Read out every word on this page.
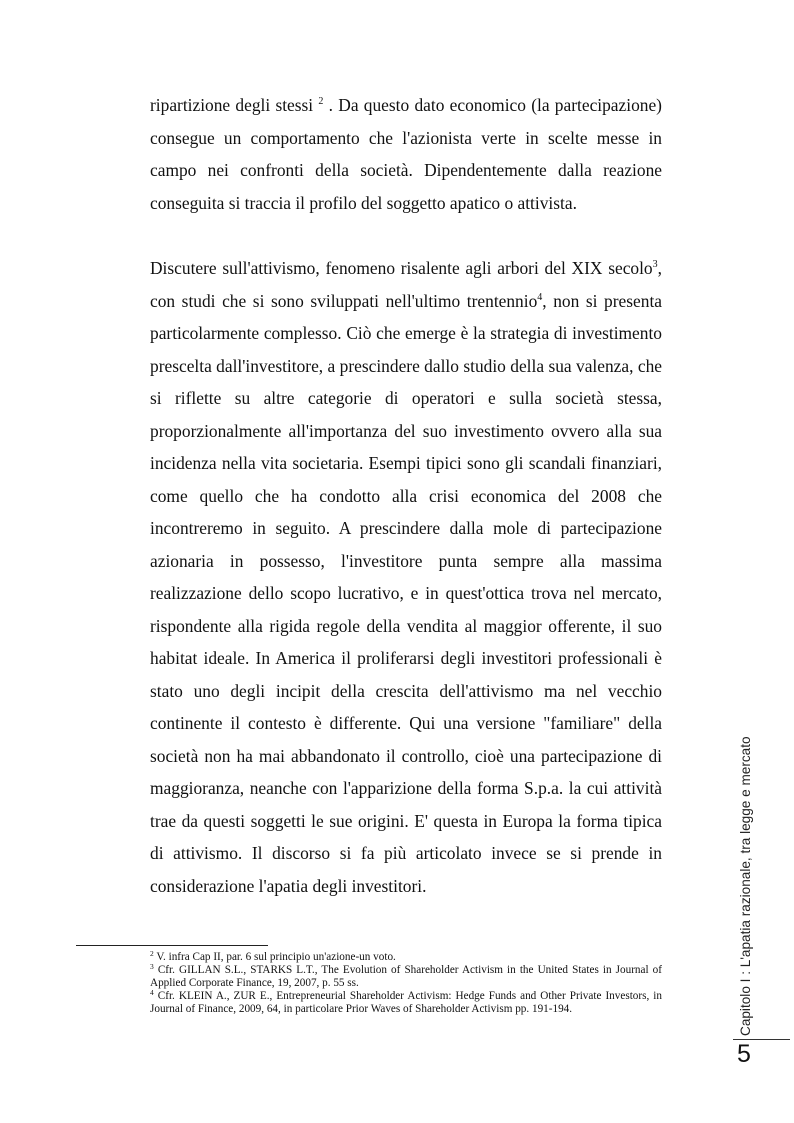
ripartizione degli stessi $^2$ . Da questo dato economico (la partecipazione) consegue un comportamento che l'azionista verte in scelte messe in campo nei confronti della società. Dipendentemente dalla reazione conseguita si traccia il profilo del soggetto apatico o attivista.

Discutere sull'attivismo, fenomeno risalente agli arbori del XIX secolo$^3$, con studi che si sono sviluppati nell'ultimo trentennio$^4$, non si presenta particolarmente complesso. Ciò che emerge è la strategia di investimento prescelta dall'investitore, a prescindere dallo studio della sua valenza, che si riflette su altre categorie di operatori e sulla società stessa, proporzionalmente all'importanza del suo investimento ovvero alla sua incidenza nella vita societaria. Esempi tipici sono gli scandali finanziari, come quello che ha condotto alla crisi economica del 2008 che incontreremo in seguito. A prescindere dalla mole di partecipazione azionaria in possesso, l'investitore punta sempre alla massima realizzazione dello scopo lucrativo, e in quest'ottica trova nel mercato, rispondente alla rigida regole della vendita al maggior offerente, il suo habitat ideale. In America il proliferarsi degli investitori professionali è stato uno degli incipit della crescita dell'attivismo ma nel vecchio continente il contesto è differente. Qui una versione "familiare" della società non ha mai abbandonato il controllo, cioè una partecipazione di maggioranza, neanche con l'apparizione della forma S.p.a. la cui attività trae da questi soggetti le sue origini. E' questa in Europa la forma tipica di attivismo. Il discorso si fa più articolato invece se si prende in considerazione l'apatia degli investitori.

$^2$ V. infra Cap II, par. 6 sul principio un'azione-un voto.

$^3$ Cfr. GILLAN S.L., STARKS L.T., The Evolution of Shareholder Activism in the United States in Journal of Applied Corporate Finance, 19, 2007, p. 55 ss.

$^4$ Cfr. KLEIN A., ZUR E., Entrepreneurial Shareholder Activism: Hedge Funds and Other Private Investors, in Journal of Finance, 2009, 64, in particolare Prior Waves of Shareholder Activism pp. 191-194.	Capitolo I : L'apatia razionale, tra legge e mercato
5
